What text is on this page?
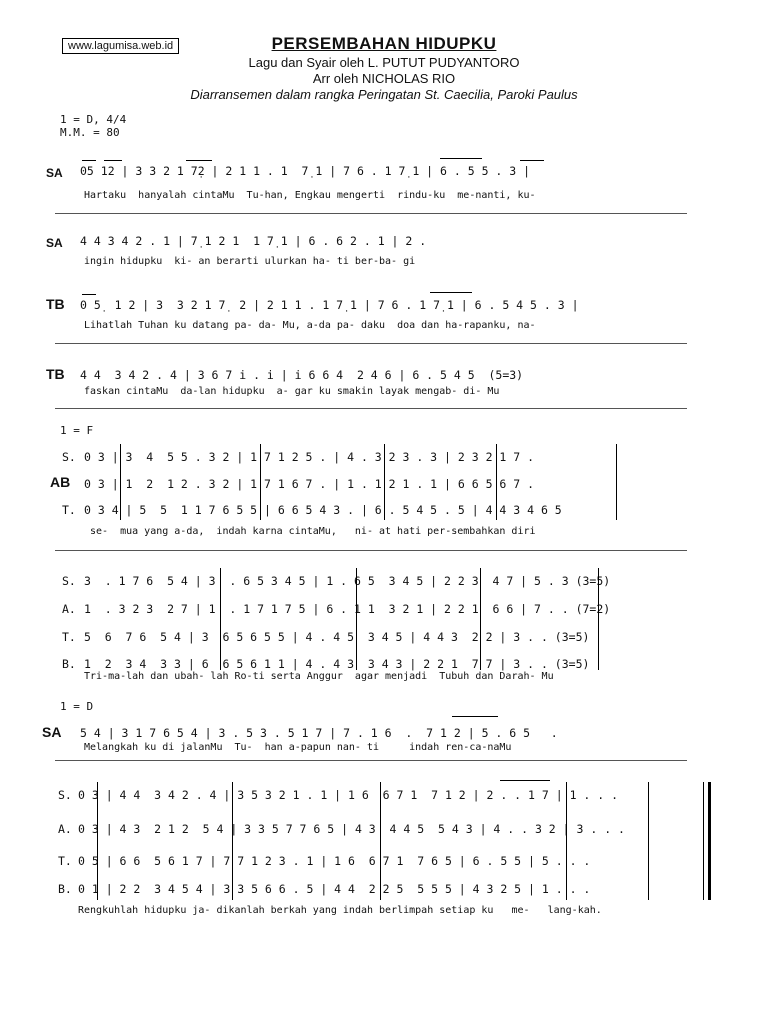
www.lagumisa.web.id	PERSEMBAHAN HIDUPKU
Lagu dan Syair oleh L. PUTUT PUDYANTORO
Arr oleh NICHOLAS RIO
Diarransemen dalam rangka Peringatan St. Caecilia, Paroki Paulus
1 = D, 4/4
M.M. = 80
SA 05 12 | 3 3 2 1 7̣2 | 2 1 1 . 1  7̣ 1 | 7 6 . 1 7̣ 1 | 6 . 5 5 . 3 |
Hartaku  hanyalah cintaMu  Tu-han, Engkau mengerti  rindu-ku  me-nanti, ku-
SA 4 4 3 4 2 . 1 | 7̣ 1 2 1  1 7̣ 1 | 6 . 6 2 . 1 | 2 .
ingin hidupku  ki- an berarti ulurkan ha- ti ber-ba- gi
TB 0 5̣  1 2 | 3  3 2 1 7̣  2 | 2 1 1 . 1 7̣ 1 | 7 6 . 1 7̣ 1 | 6 . 5 4 5 . 3 |
Lihatlah Tuhan ku datang pa- da- Mu, a-da pa- daku  doa dan ha-rapanku, na-
TB 4 4  3 4 2 . 4 | 3 6 7 i . i | i 6 6 4  2 4 6 | 6 . 5 4 5  (5=3)
faskan cintaMu  da-lan hidupku  a- gar ku smakin layak mengab- di- Mu
1 = F
AB
S. 0 3 | 3  4  5 5 . 3 2 | 1 7 1 2 5 . | 4 . 3 2 3 . 3 | 2 3 2 1 7 .
0 3 | 1  2  1 2 . 3 2 | 1 7 1 6 7 . | 1 . 1 2 1 . 1 | 6 6 5 6 7 .
T. 0 3 4 | 5  5  1 1 7 6 5 5 | 6 6 5 4 3 . | 6 . 5 4 5 . 5 | 4 4 3 4 6 5
se-  mua yang a-da,  indah karna cintaMu,   ni- at hati per-sembahkan diri
S. 3  . 1 7 6  5 4 | 3  . 6 5 3 4 5 | 1 . 6 5  3 4 5 | 2 2 3  4 7 | 5 . 3 (3=5)
A. 1  . 3 2 3  2 7 | 1  . 1 7 1 7 5 | 6 . 1 1  3 2 1 | 2 2 1  6 6 | 7 . . (7=2)
T. 5  6  7 6  5 4 | 3  6 5 6 5 5 | 4 . 4 5  3 4 5 | 4 4 3  2 2 | 3 . . (3=5)
B. 1  2  3 4  3 3 | 6  6 5 6 1 1 | 4 . 4 3  3 4 3 | 2 2 1  7 7 | 3 . . (3=5)
Tri-ma-lah dan ubah- lah Ro-ti serta Anggur  agar menjadi  Tubuh dan Darah- Mu
1 = D
SA 5 4 | 3 1 7 6 5 4 | 3 . 5 3 . 5 1 7 | 7 . 1 6  .  7 1 2 | 5 . 6 5   .
Melangkah ku di jalanMu  Tu-  han a-papun nan- ti     indah ren-ca-naMu
S. 0 3 | 4 4  3 4 2 . 4 | 3 5 3 2 1 . 1 | 1 6  6 7 1  7 1 2 | 2 . . 1 7 | 1 . . .
A. 0 3 | 4 3  2 1 2  5 4 | 3 3 5 7 7 6 5 | 4 3  4 4 5  5 4 3 | 4 . . 3 2 | 3 . . .
T. 0 5 | 6 6  5 6 1 7 | 7 7 1 2 3 . 1 | 1 6  6 7 1  7 6 5 | 6 . 5 5 | 5 . . .
B. 0 1 | 2 2  3 4 5 4 | 3 3 5 6 6 . 5 | 4 4  2 2 5  5 5 5 | 4 3 2 5 | 1 . . .
Rengkuhlah hidupku ja- dikanlah berkah yang indah berlimpah setiap ku   me-   lang-kah.
